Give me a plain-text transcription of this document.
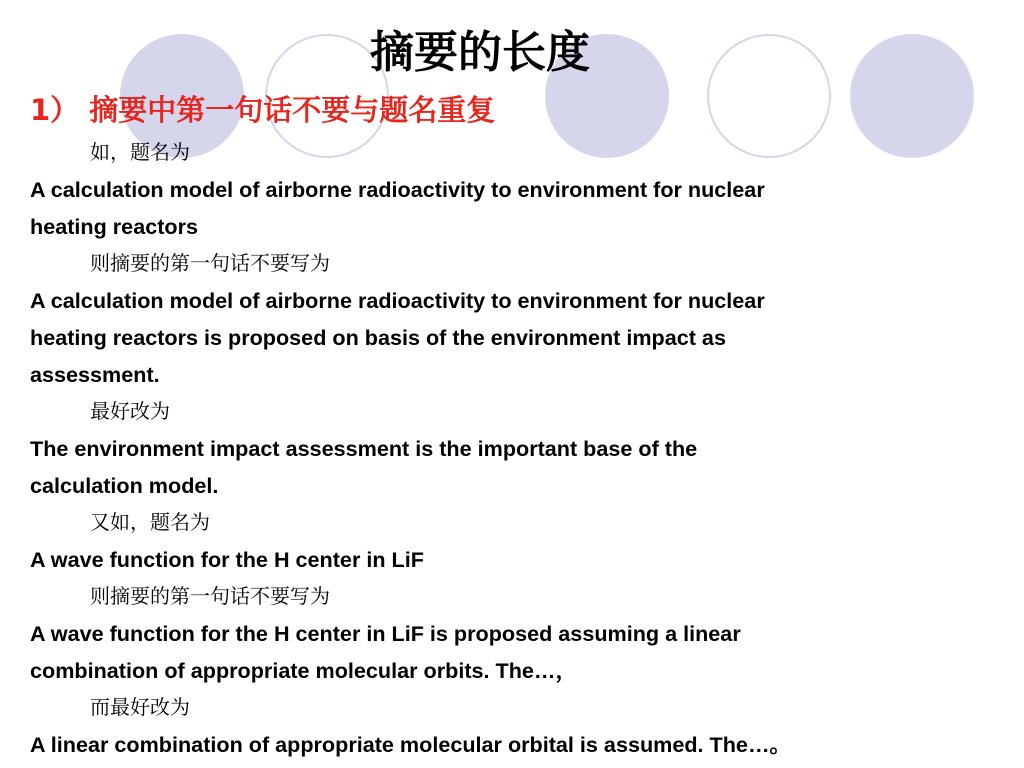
摘要的长度
1） 摘要中第一句话不要与题名重复
如，题名为
A calculation model of airborne radioactivity to environment for nuclear
heating reactors
则摘要的第一句话不要写为
A calculation model of airborne radioactivity to environment for nuclear
heating reactors is proposed on basis of the environment impact as
assessment.
最好改为
The environment impact assessment is the important base of the
calculation model.
又如，题名为
A wave function for the H center in LiF
则摘要的第一句话不要写为
A wave function for the H center in LiF is proposed assuming a linear
combination of appropriate molecular orbits. The…，
而最好改为
A linear combination of appropriate molecular orbital is assumed. The…。
